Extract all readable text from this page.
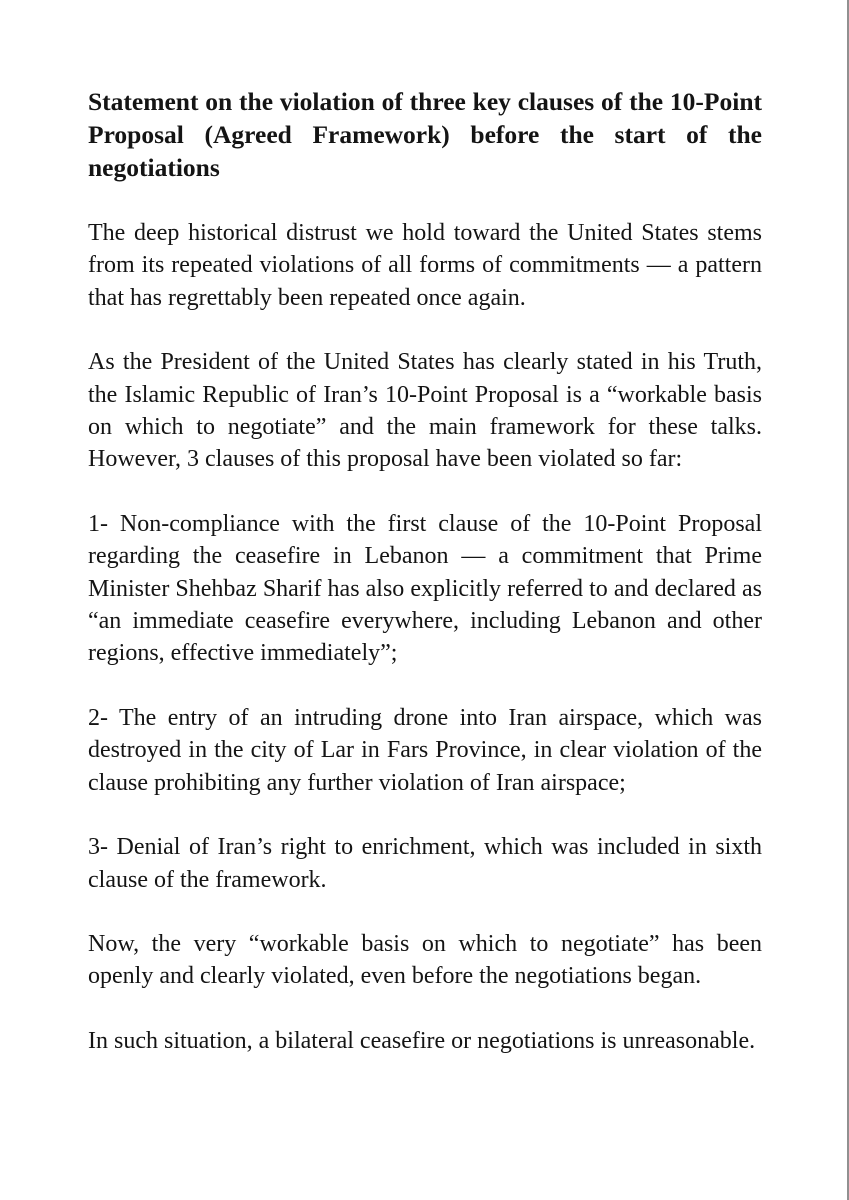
Statement on the violation of three key clauses of the 10-Point Proposal (Agreed Framework) before the start of the negotiations

The deep historical distrust we hold toward the United States stems from its repeated violations of all forms of commitments — a pattern that has regrettably been repeated once again.

As the President of the United States has clearly stated in his Truth, the Islamic Republic of Iran’s 10-Point Proposal is a “workable basis on which to negotiate” and the main framework for these talks. However, 3 clauses of this proposal have been violated so far:

1- Non-compliance with the first clause of the 10-Point Proposal regarding the ceasefire in Lebanon — a commitment that Prime Minister Shehbaz Sharif has also explicitly referred to and declared as “an immediate ceasefire everywhere, including Lebanon and other regions, effective immediately”;

2- The entry of an intruding drone into Iran airspace, which was destroyed in the city of Lar in Fars Province, in clear violation of the clause prohibiting any further violation of Iran airspace;

3- Denial of Iran’s right to enrichment, which was included in sixth clause of the framework.

Now, the very “workable basis on which to negotiate” has been openly and clearly violated, even before the negotiations began.

In such situation, a bilateral ceasefire or negotiations is unreasonable.
